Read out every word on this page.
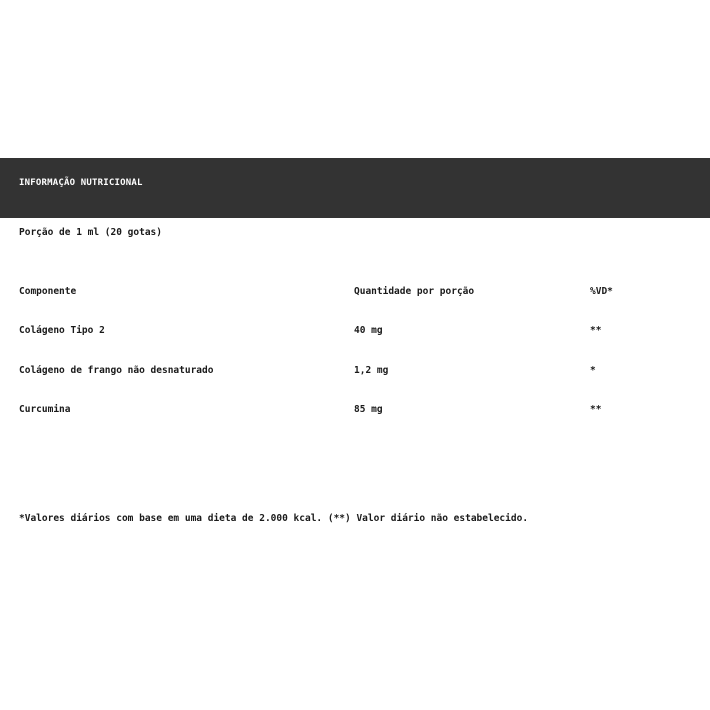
INFORMAÇÃO NUTRICIONAL
Porção de 1 ml (20 gotas)
Componente	Quantidade por porção	%VD*
Colágeno Tipo 2	40 mg	**
Colágeno de frango não desnaturado	1,2 mg	*
Curcumina	85 mg	**
*Valores diários com base em uma dieta de 2.000 kcal. (**) Valor diário não estabelecido.
